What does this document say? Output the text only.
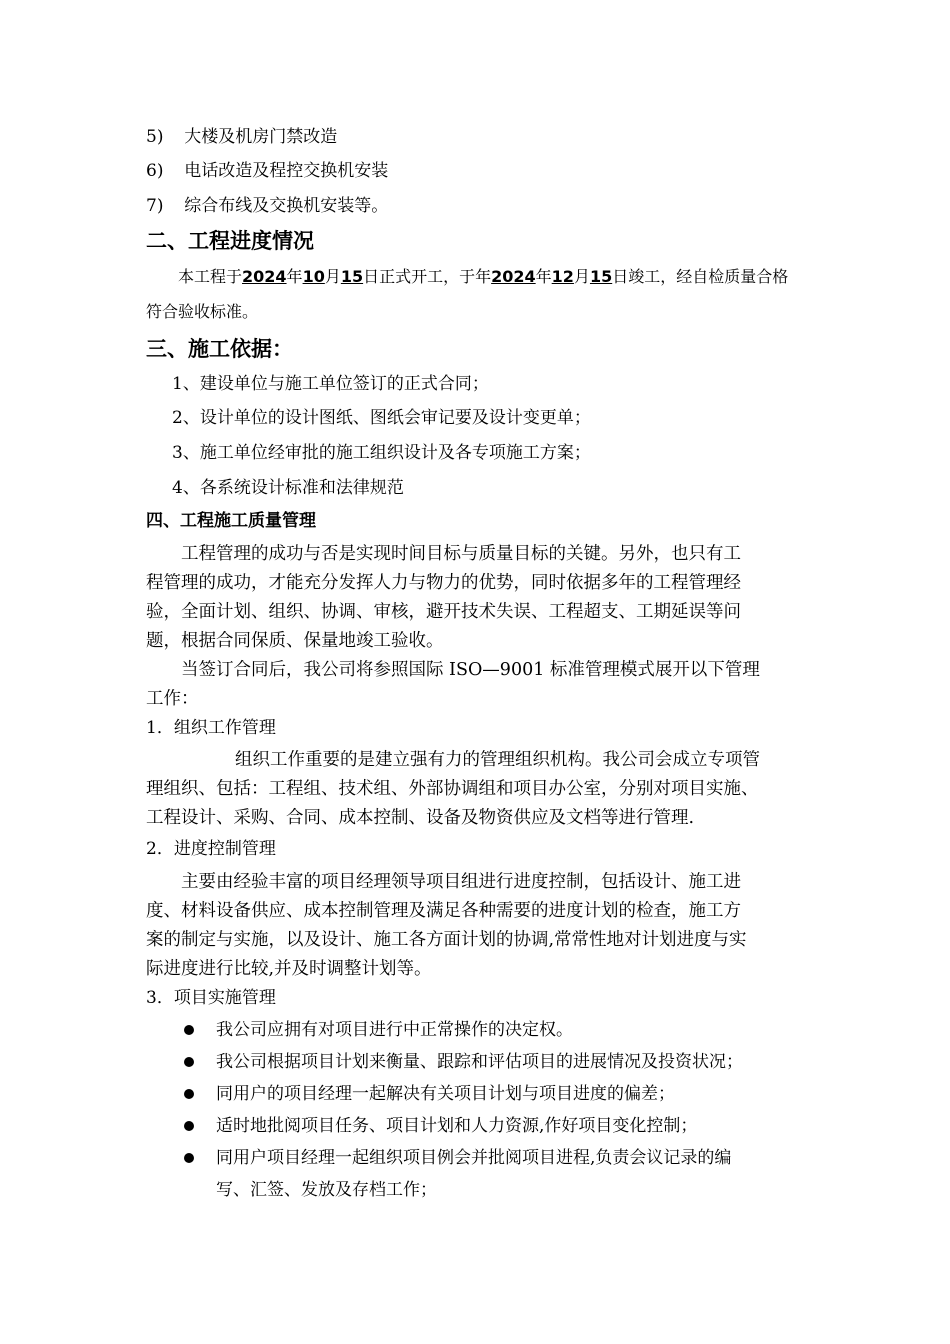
5) 大楼及机房门禁改造
6) 电话改造及程控交换机安装
7) 综合布线及交换机安装等。
二、工程进度情况
本工程于2024年10月15日正式开工，于年2024年12月15日竣工，经自检质量合格
符合验收标准。
三、施工依据：
1、建设单位与施工单位签订的正式合同；
2、设计单位的设计图纸、图纸会审记要及设计变更单；
3、施工单位经审批的施工组织设计及各专项施工方案；
4、各系统设计标准和法律规范
四、工程施工质量管理
工程管理的成功与否是实现时间目标与质量目标的关键。另外，也只有工
程管理的成功，才能充分发挥人力与物力的优势，同时依据多年的工程管理经
验，全面计划、组织、协调、审核，避开技术失误、工程超支、工期延误等问
题，根据合同保质、保量地竣工验收。
当签订合同后，我公司将参照国际 ISO—9001 标准管理模式展开以下管理
工作：
1．组织工作管理
组织工作重要的是建立强有力的管理组织机构。我公司会成立专项管
理组织、包括：工程组、技术组、外部协调组和项目办公室，分别对项目实施、
工程设计、采购、合同、成本控制、设备及物资供应及文档等进行管理.
2．进度控制管理
主要由经验丰富的项目经理领导项目组进行进度控制，包括设计、施工进
度、材料设备供应、成本控制管理及满足各种需要的进度计划的检查，施工方
案的制定与实施，以及设计、施工各方面计划的协调,常常性地对计划进度与实
际进度进行比较,并及时调整计划等。
3．项目实施管理
我公司应拥有对项目进行中正常操作的决定权。
我公司根据项目计划来衡量、跟踪和评估项目的进展情况及投资状况；
同用户的项目经理一起解决有关项目计划与项目进度的偏差；
适时地批阅项目任务、项目计划和人力资源,作好项目变化控制；
同用户项目经理一起组织项目例会并批阅项目进程,负责会议记录的编
写、汇签、发放及存档工作；
